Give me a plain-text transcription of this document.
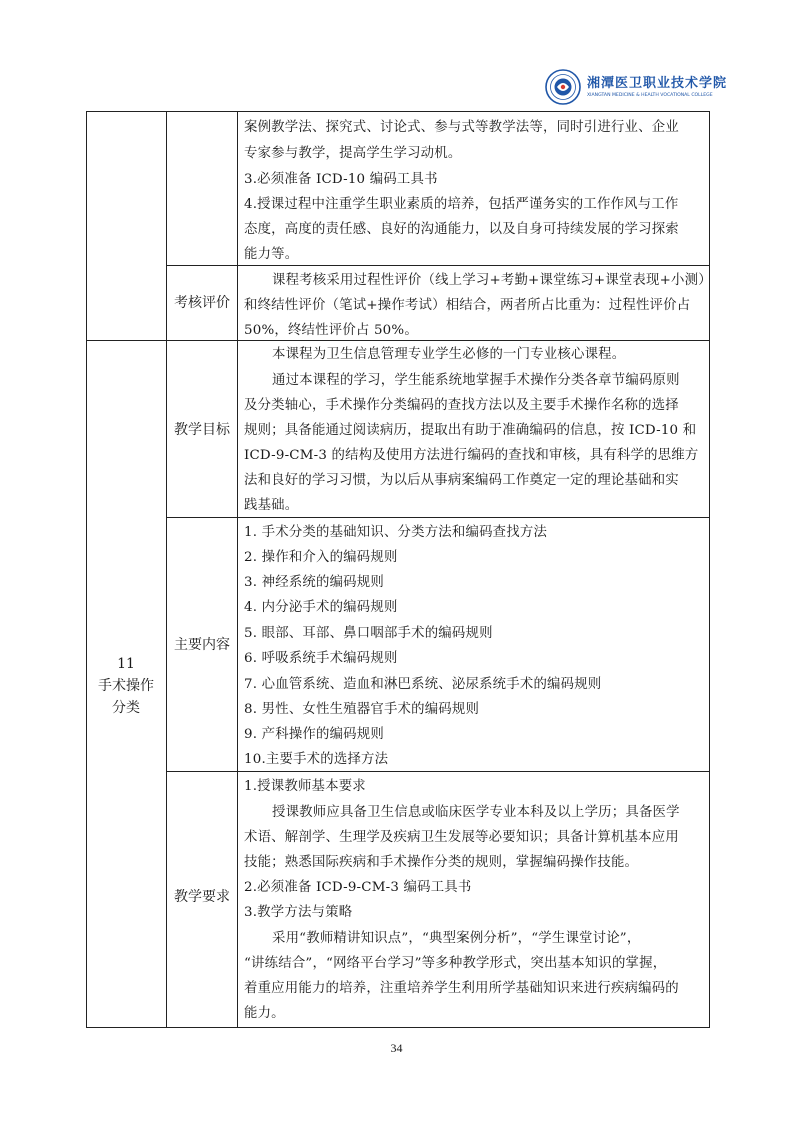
湘潭医卫职业技术学院
XIANGTAN MEDICINE & HEALTH VOCATIONAL COLLEGE
案例教学法、探究式、讨论式、参与式等教学法等，同时引进行业、企业
专家参与教学，提高学生学习动机。
3.必须准备 ICD-10 编码工具书
4.授课过程中注重学生职业素质的培养，包括严谨务实的工作作风与工作
态度，高度的责任感、良好的沟通能力，以及自身可持续发展的学习探索
能力等。
考核评价
课程考核采用过程性评价（线上学习+考勤+课堂练习+课堂表现+小测）
和终结性评价（笔试+操作考试）相结合，两者所占比重为：过程性评价占
50%，终结性评价占 50%。
11
手术操作
分类
教学目标
本课程为卫生信息管理专业学生必修的一门专业核心课程。
通过本课程的学习，学生能系统地掌握手术操作分类各章节编码原则
及分类轴心，手术操作分类编码的查找方法以及主要手术操作名称的选择
规则；具备能通过阅读病历，提取出有助于准确编码的信息，按 ICD-10 和
ICD-9-CM-3 的结构及使用方法进行编码的查找和审核，具有科学的思维方
法和良好的学习习惯，为以后从事病案编码工作奠定一定的理论基础和实
践基础。
主要内容
1. 手术分类的基础知识、分类方法和编码查找方法
2. 操作和介入的编码规则
3. 神经系统的编码规则
4. 内分泌手术的编码规则
5. 眼部、耳部、鼻口咽部手术的编码规则
6. 呼吸系统手术编码规则
7. 心血管系统、造血和淋巴系统、泌尿系统手术的编码规则
8. 男性、女性生殖器官手术的编码规则
9. 产科操作的编码规则
10.主要手术的选择方法
教学要求
1.授课教师基本要求
授课教师应具备卫生信息或临床医学专业本科及以上学历；具备医学
术语、解剖学、生理学及疾病卫生发展等必要知识；具备计算机基本应用
技能；熟悉国际疾病和手术操作分类的规则，掌握编码操作技能。
2.必须准备 ICD-9-CM-3 编码工具书
3.教学方法与策略
采用“教师精讲知识点”，“典型案例分析”，“学生课堂讨论”，
“讲练结合”，“网络平台学习”等多种教学形式，突出基本知识的掌握，
着重应用能力的培养，注重培养学生利用所学基础知识来进行疾病编码的
能力。
34
